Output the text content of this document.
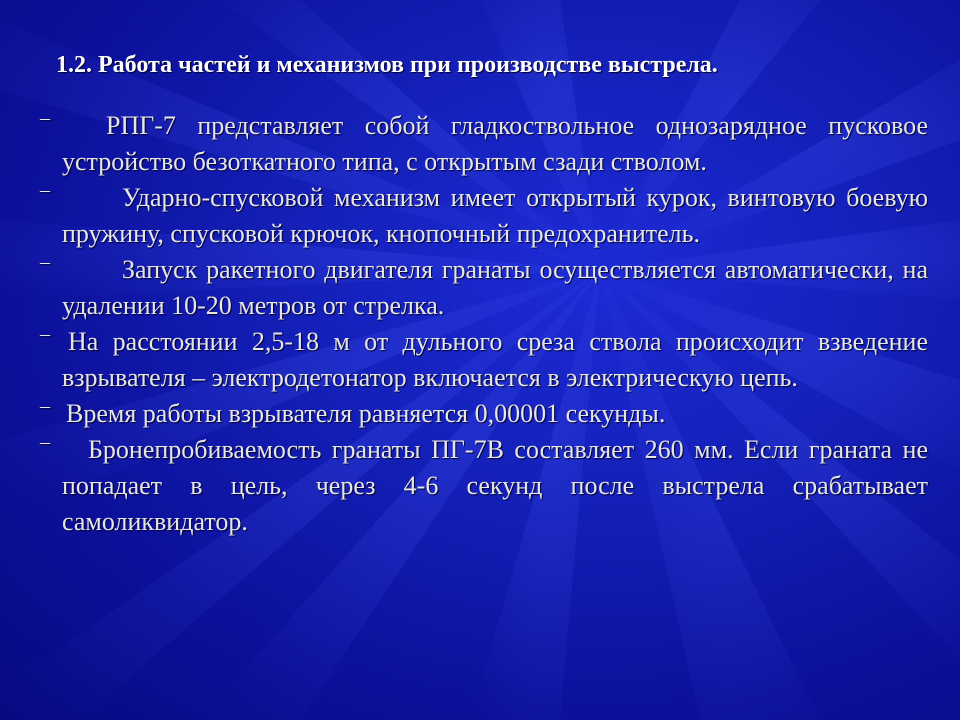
1.2. Работа частей и механизмов при производстве выстрела.
–	РПГ-7 представляет собой гладкоствольное однозарядное пусковое устройство безоткатного типа, с открытым сзади стволом.
–	Ударно-спусковой механизм имеет открытый курок, винтовую боевую пружину, спусковой крючок, кнопочный предохранитель.
–	Запуск ракетного двигателя гранаты осуществляется автоматически, на удалении 10-20 метров от стрелка.
– На расстоянии 2,5-18 м от дульного среза ствола происходит взведение взрывателя – электродетонатор включается в электрическую цепь.
– Время работы взрывателя равняется 0,00001 секунды.
–	Бронепробиваемость гранаты ПГ-7В составляет 260 мм. Если граната не попадает в цель, через 4-6 секунд после выстрела срабатывает самоликвидатор.
